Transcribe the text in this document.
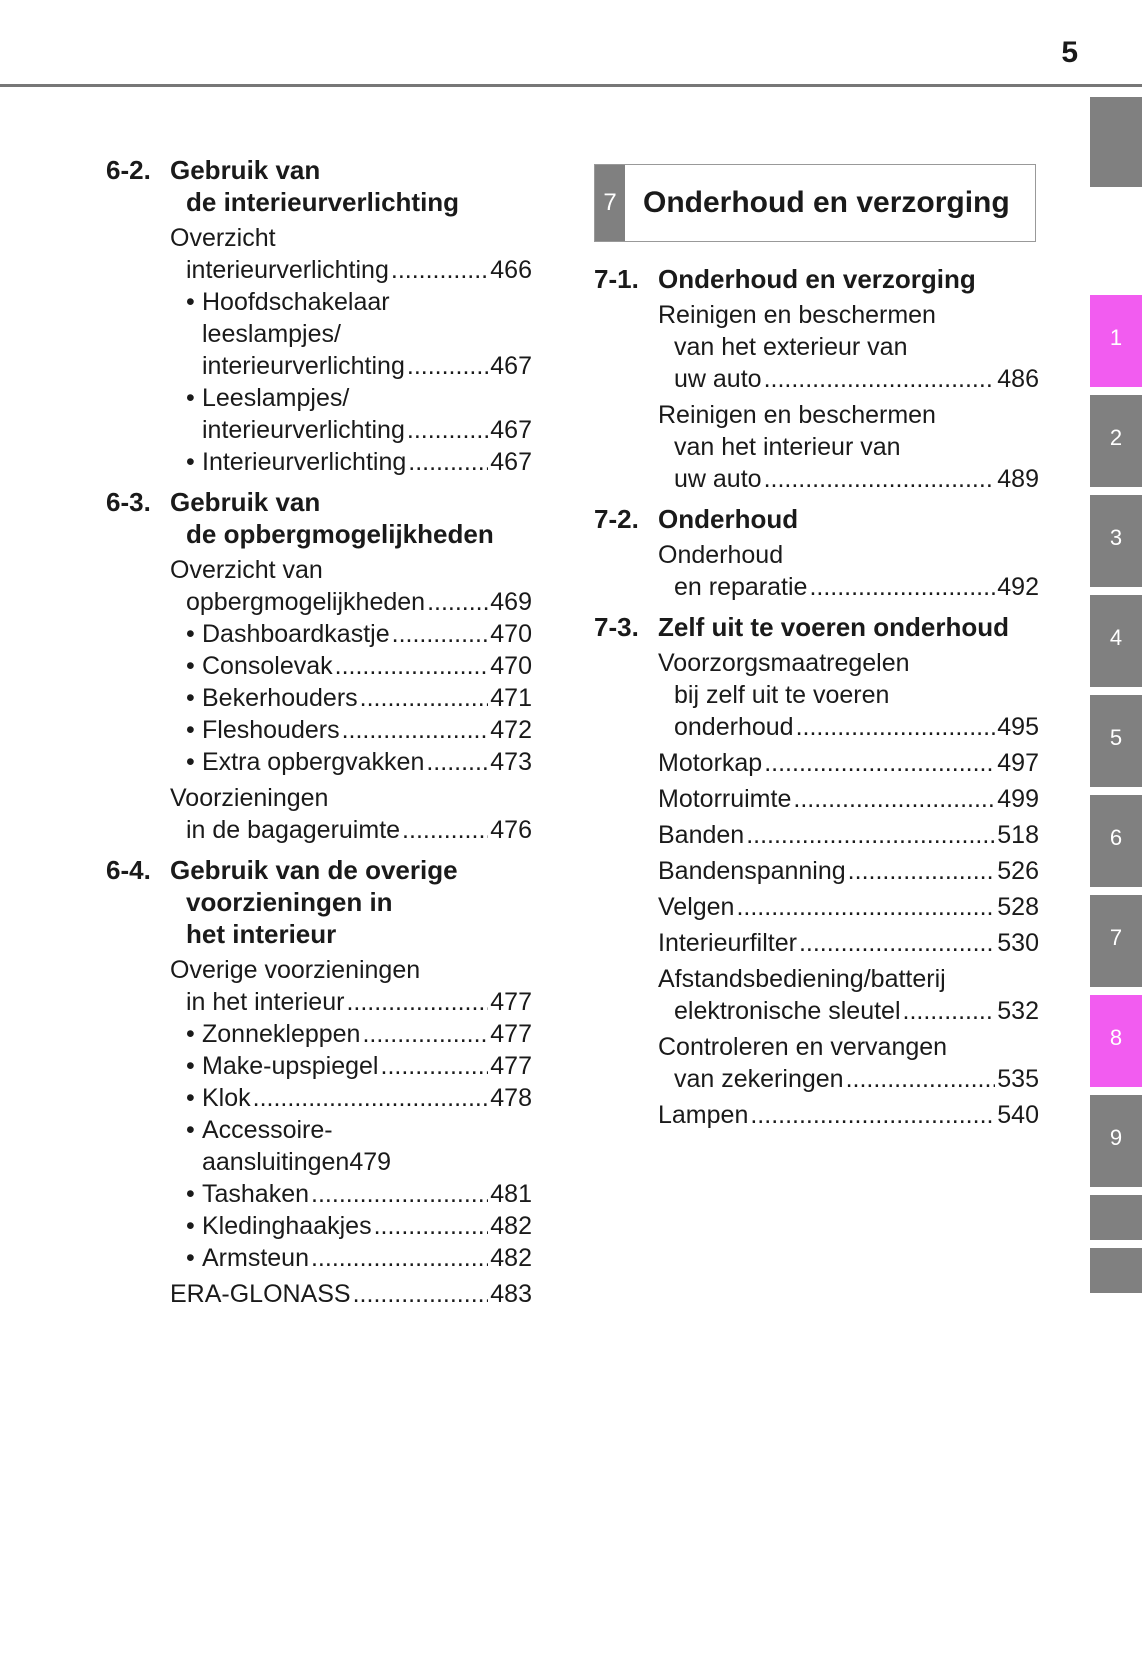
5
6-2. Gebruik van
de interieurverlichting
Overzicht
interieurverlichting .....	466
• Hoofdschakelaar
leeslampjes/
interieurverlichting .....	467
• Leeslampjes/
interieurverlichting .....	467
• Interieurverlichting .....	467
6-3. Gebruik van
de opbergmogelijkheden
Overzicht van
opbergmogelijkheden .....	469
• Dashboardkastje .....	470
• Consolevak .....	470
• Bekerhouders .....	471
• Fleshouders .....	472
• Extra opbergvakken .....	473
Voorzieningen
in de bagageruimte .....	476
6-4. Gebruik van de overige
voorzieningen in
het interieur
Overige voorzieningen
in het interieur .....	477
• Zonnekleppen .....	477
• Make-upspiegel .....	477
• Klok .....	478
• Accessoire-
aansluitingen479
• Tashaken .....	481
• Kledinghaakjes .....	482
• Armsteun .....	482
ERA-GLONASS .....	483
7 Onderhoud en verzorging
7-1. Onderhoud en verzorging
Reinigen en beschermen
van het exterieur van
uw auto .....	486
Reinigen en beschermen
van het interieur van
uw auto .....	489
7-2. Onderhoud
Onderhoud
en reparatie .....	492
7-3. Zelf uit te voeren onderhoud
Voorzorgsmaatregelen
bij zelf uit te voeren
onderhoud .....	495
Motorkap .....	497
Motorruimte .....	499
Banden .....	518
Bandenspanning .....	526
Velgen .....	528
Interieurfilter .....	530
Afstandsbediening/batterij
elektronische sleutel .....	532
Controleren en vervangen
van zekeringen .....	535
Lampen .....	540
1
2
3
4
5
6
7
8
9
